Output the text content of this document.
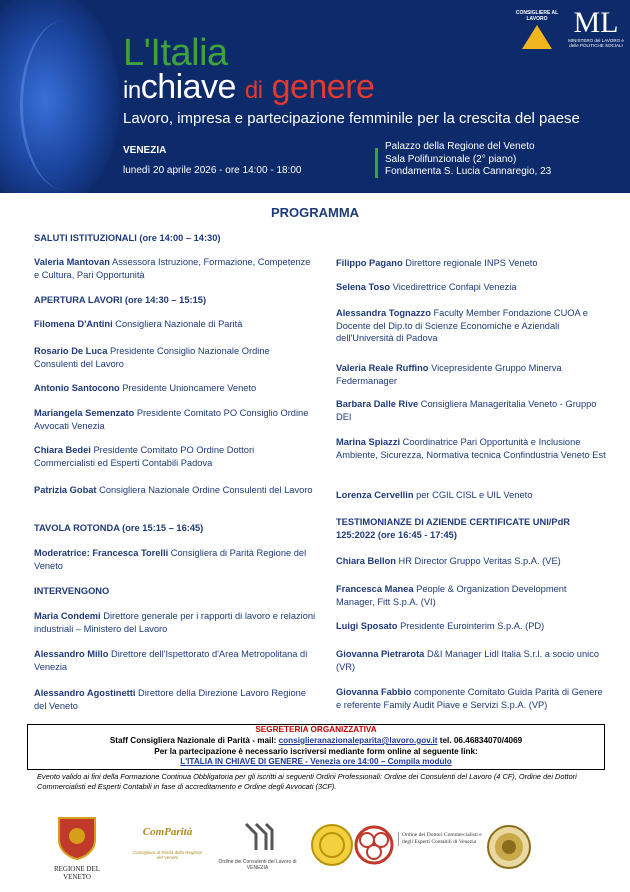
L'Italia
inchiave di genere
Lavoro, impresa e partecipazione femminile per la crescita del paese
VENEZIA
lunedì 20 aprile 2026 - ore 14:00 - 18:00
Palazzo della Regione del Veneto
Sala Polifunzionale (2° piano)
Fondamenta S. Lucia Cannaregio, 23
CONSIGLIERE AL LAVORO ML
MINISTERO del LAVORO e delle POLITICHE SOCIALI
PROGRAMMA
SALUTI ISTITUZIONALI (ore 14:00 – 14:30)
Valeria Mantovan Assessora Istruzione, Formazione, Competenze e Cultura, Pari Opportunità
APERTURA LAVORI (ore 14:30 – 15:15)
Filomena D'Antini Consigliera Nazionale di Parità
Rosario De Luca Presidente Consiglio Nazionale Ordine Consulenti del Lavoro
Antonio Santocono Presidente Unioncamere Veneto
Mariangela Semenzato Presidente Comitato PO Consiglio Ordine Avvocati Venezia
Chiara Bedei Presidente Comitato PO Ordine Dottori Commercialisti ed Esperti Contabili Padova
Patrizia Gobat Consigliera Nazionale Ordine Consulenti del Lavoro
TAVOLA ROTONDA (ore 15:15 – 16:45)
Moderatrice: Francesca Torelli Consigliera di Parità Regione del Veneto
INTERVENGONO
Maria Condemi Direttore generale per i rapporti di lavoro e relazioni industriali – Ministero del Lavoro
Alessandro Millo Direttore dell'Ispettorato d'Area Metropolitana di Venezia
Alessandro Agostinetti Direttore della Direzione Lavoro Regione del Veneto
Filippo Pagano Direttore regionale INPS Veneto
Selena Toso Vicedirettrice Confapi Venezia
Alessandra Tognazzo Faculty Member Fondazione CUOA e Docente del Dip.to di Scienze Economiche e Aziendali dell'Università di Padova
Valeria Reale Ruffino Vicepresidente Gruppo Minerva Federmanager
Barbara Dalle Rive Consigliera Manageritalia Veneto - Gruppo DEI
Marina Spiazzi Coordinatrice Pari Opportunità e Inclusione Ambiente, Sicurezza, Normativa tecnica Confindustria Veneto Est
Lorenza Cervellin per CGIL CISL e UIL Veneto
TESTIMONIANZE DI AZIENDE CERTIFICATE UNI/PdR 125:2022 (ore 16:45 - 17:45)
Chiara Bellon HR Director Gruppo Veritas S.p.A. (VE)
Francesca Manea People & Organization Development Manager, Fitt S.p.A. (VI)
Luigi Sposato Presidente Eurointerim S.p.A. (PD)
Giovanna Pietrarota D&I Manager Lidl Italia S.r.l. a socio unico (VR)
Giovanna Fabbio componente Comitato Guida Parità di Genere e referente Family Audit Piave e Servizi S.p.A. (VP)
SEGRETERIA ORGANIZZATIVA
Staff Consigliera Nazionale di Parità - mail: consiglieranazionaleparita@lavoro.gov.it tel. 06.46834070/4069
Per la partecipazione è necessario iscriversi mediante form online al seguente link:
L'ITALIA IN CHIAVE DI GENERE - Venezia ore 14:00 – Compila modulo
Evento valido ai fini della Formazione Continua Obbligatoria per gli iscritti ai seguenti Ordini Professionali: Ordine dei Consulenti del Lavoro (4 CF), Ordine dei Dottori Commercialisti ed Esperti Contabili in fase di accreditamento e Ordine degli Avvocati (3CF).
REGIONE DEL VENETO
ComParità
Consigliera di Parità della Regione del Veneto
Ordine dei Consulenti del Lavoro di VENEZIA
Ordine dei Dottori Commercialisti e degli Esperti Contabili di Venezia
